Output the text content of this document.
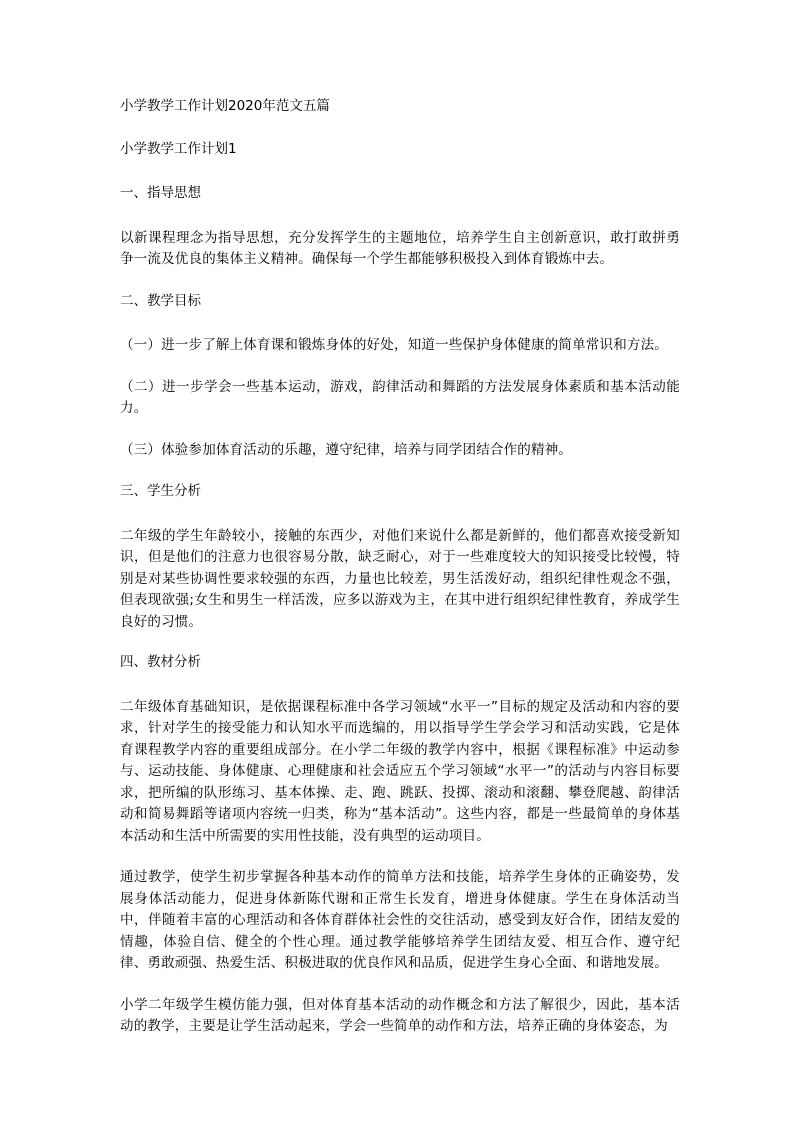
小学教学工作计划2020年范文五篇
小学教学工作计划1
一、指导思想

以新课程理念为指导思想，充分发挥学生的主题地位，培养学生自主创新意识，敢打敢拼勇争一流及优良的集体主义精神。确保每一个学生都能够积极投入到体育锻炼中去。

二、教学目标

（一）进一步了解上体育课和锻炼身体的好处，知道一些保护身体健康的简单常识和方法。

（二）进一步学会一些基本运动，游戏，韵律活动和舞蹈的方法发展身体素质和基本活动能力。

（三）体验参加体育活动的乐趣，遵守纪律，培养与同学团结合作的精神。

三、学生分析

二年级的学生年龄较小，接触的东西少，对他们来说什么都是新鲜的，他们都喜欢接受新知识，但是他们的注意力也很容易分散，缺乏耐心，对于一些难度较大的知识接受比较慢，特别是对某些协调性要求较强的东西，力量也比较差，男生活泼好动，组织纪律性观念不强，但表现欲强;女生和男生一样活泼，应多以游戏为主，在其中进行组织纪律性教育，养成学生良好的习惯。

四、教材分析

二年级体育基础知识，是依据课程标准中各学习领域“水平一”目标的规定及活动和内容的要求，针对学生的接受能力和认知水平而选编的，用以指导学生学会学习和活动实践，它是体育课程教学内容的重要组成部分。在小学二年级的教学内容中，根据《课程标准》中运动参与、运动技能、身体健康、心理健康和社会适应五个学习领域“水平一”的活动与内容目标要求，把所编的队形练习、基本体操、走、跑、跳跃、投掷、滚动和滚翻、攀登爬越、韵律活动和简易舞蹈等诸项内容统一归类，称为“基本活动”。这些内容，都是一些最简单的身体基本活动和生活中所需要的实用性技能，没有典型的运动项目。

通过教学，使学生初步掌握各种基本动作的简单方法和技能，培养学生身体的正确姿势，发展身体活动能力，促进身体新陈代谢和正常生长发育，增进身体健康。学生在身体活动当中，伴随着丰富的心理活动和各体育群体社会性的交往活动，感受到友好合作，团结友爱的情趣，体验自信、健全的个性心理。通过教学能够培养学生团结友爱、相互合作、遵守纪律、勇敢顽强、热爱生活、积极进取的优良作风和品质，促进学生身心全面、和谐地发展。

小学二年级学生模仿能力强，但对体育基本活动的动作概念和方法了解很少，因此，基本活动的教学，主要是让学生活动起来，学会一些简单的动作和方法，培养正确的身体姿态，为
